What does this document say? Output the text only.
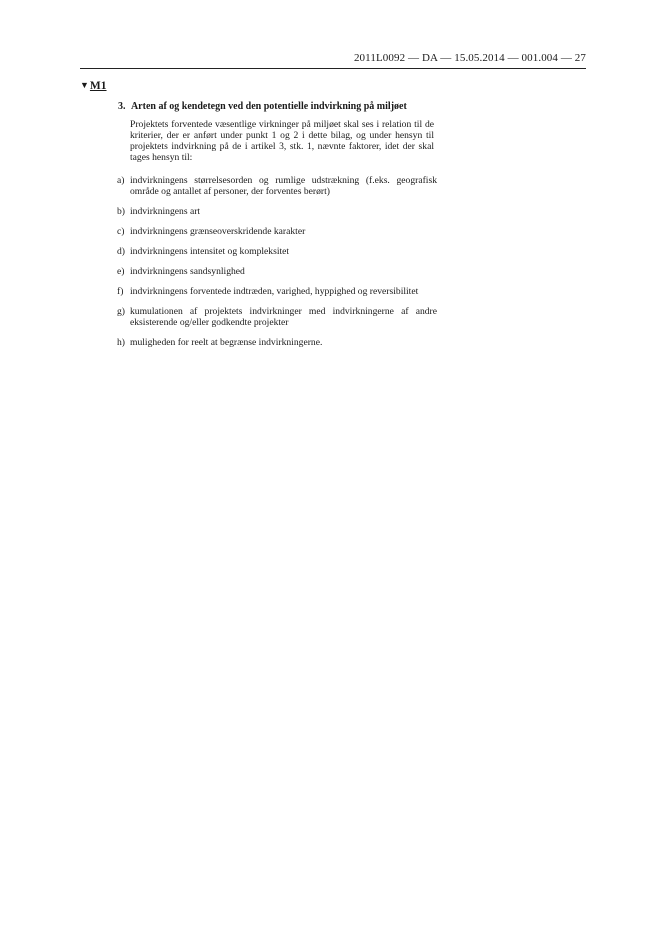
2011L0092 — DA — 15.05.2014 — 001.004 — 27
▼M1
3. Arten af og kendetegn ved den potentielle indvirkning på miljøet
Projektets forventede væsentlige virkninger på miljøet skal ses i relation til de kriterier, der er anført under punkt 1 og 2 i dette bilag, og under hensyn til projektets indvirkning på de i artikel 3, stk. 1, nævnte faktorer, idet der skal tages hensyn til:
a) indvirkningens størrelsesorden og rumlige udstrækning (f.eks. geografisk område og antallet af personer, der forventes berørt)
b) indvirkningens art
c) indvirkningens grænseoverskridende karakter
d) indvirkningens intensitet og kompleksitet
e) indvirkningens sandsynlighed
f) indvirkningens forventede indtræden, varighed, hyppighed og reversibilitet
g) kumulationen af projektets indvirkninger med indvirkningerne af andre eksisterende og/eller godkendte projekter
h) muligheden for reelt at begrænse indvirkningerne.
